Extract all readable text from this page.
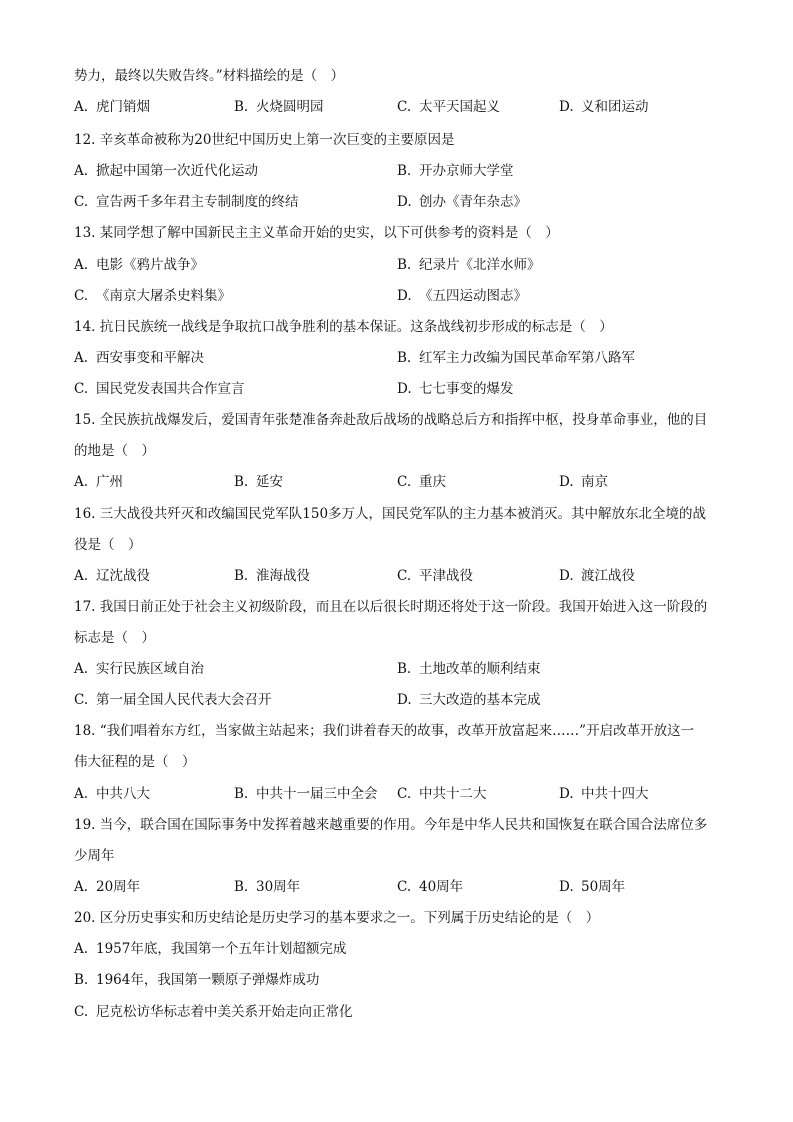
势力，最终以失败告终。”材料描绘的是（　）
A. 虎门销烟	B. 火烧圆明园	C. 太平天国起义	D. 义和团运动
12. 辛亥革命被称为20世纪中国历史上第一次巨变的主要原因是
A. 掀起中国第一次近代化运动	B. 开办京师大学堂
C. 宣告两千多年君主专制制度的终结	D. 创办《青年杂志》
13. 某同学想了解中国新民主主义革命开始的史实，以下可供参考的资料是（　）
A. 电影《鸦片战争》	B. 纪录片《北洋水师》
C. 《南京大屠杀史料集》	D. 《五四运动图志》
14. 抗日民族统一战线是争取抗口战争胜利的基本保证。这条战线初步形成的标志是（　）
A. 西安事变和平解决	B. 红军主力改编为国民革命军第八路军
C. 国民党发表国共合作宣言	D. 七七事变的爆发
15. 全民族抗战爆发后，爱国青年张楚准备奔赴敌后战场的战略总后方和指挥中枢，投身革命事业，他的目
的地是（　）
A. 广州	B. 延安	C. 重庆	D. 南京
16. 三大战役共歼灭和改编国民党军队150多万人，国民党军队的主力基本被消灭。其中解放东北全境的战
役是（　）
A. 辽沈战役	B. 淮海战役	C. 平津战役	D. 渡江战役
17. 我国日前正处于社会主义初级阶段，而且在以后很长时期还将处于这一阶段。我国开始进入这一阶段的
标志是（　）
A. 实行民族区域自治	B. 土地改革的顺利结束
C. 第一届全国人民代表大会召开	D. 三大改造的基本完成
18. “我们唱着东方红，当家做主站起来；我们讲着春天的故事，改革开放富起来……”开启改革开放这一
伟大征程的是（　）
A. 中共八大	B. 中共十一届三中全会 C. 中共十二大	D. 中共十四大
19. 当今，联合国在国际事务中发挥着越来越重要的作用。今年是中华人民共和国恢复在联合国合法席位多
少周年
A. 20周年	B. 30周年	C. 40周年	D. 50周年
20. 区分历史事实和历史结论是历史学习的基本要求之一。下列属于历史结论的是（　）
A. 1957年底，我国第一个五年计划超额完成
B. 1964年，我国第一颗原子弹爆炸成功
C. 尼克松访华标志着中美关系开始走向正常化
